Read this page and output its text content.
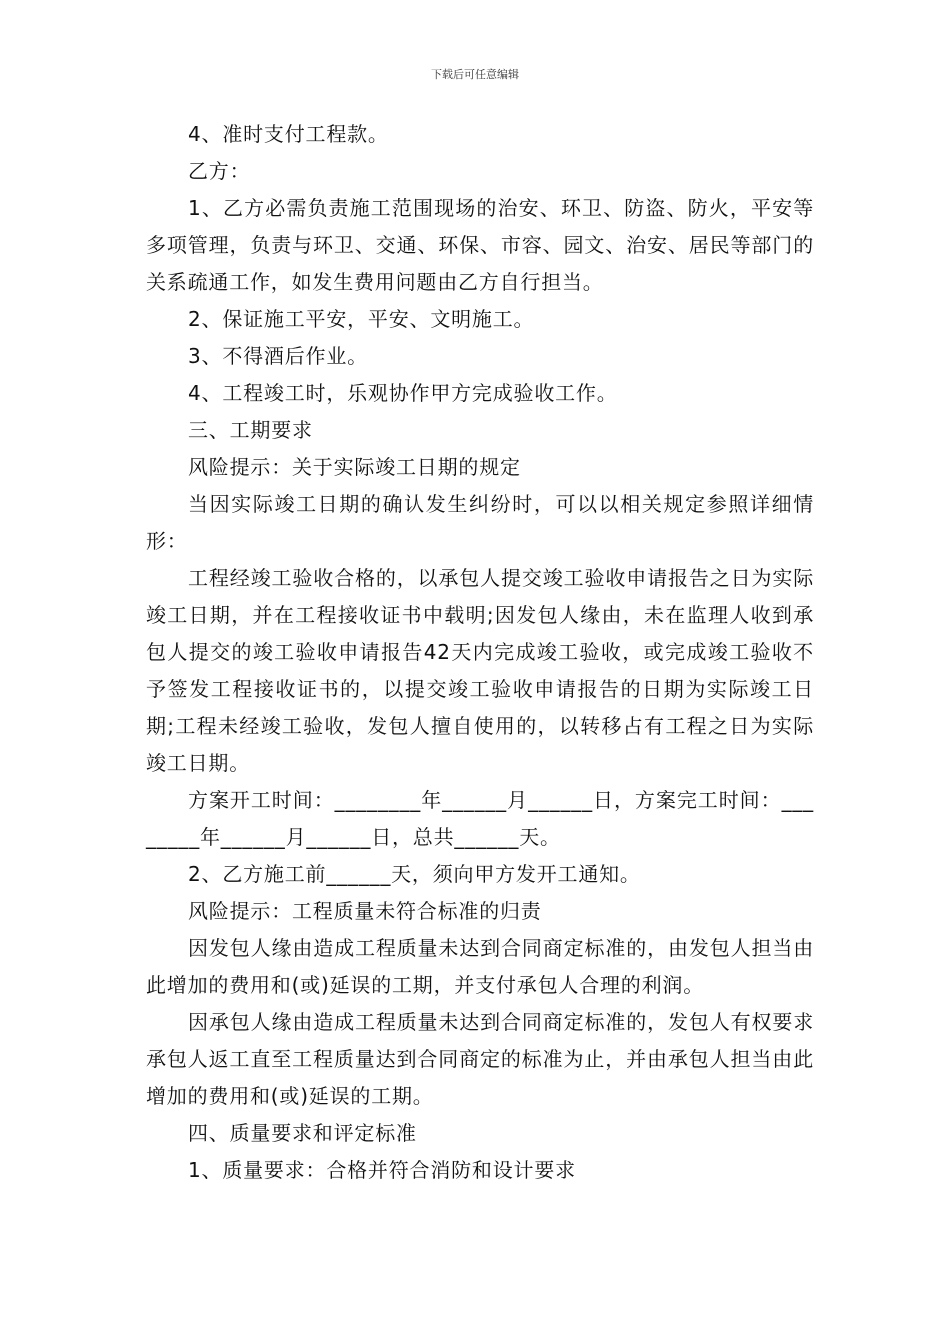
下载后可任意编辑

4、准时支付工程款。

乙方：

1、乙方必需负责施工范围现场的治安、环卫、防盗、防火，平安等多项管理，负责与环卫、交通、环保、市容、园文、治安、居民等部门的关系疏通工作，如发生费用问题由乙方自行担当。

2、保证施工平安，平安、文明施工。

3、不得酒后作业。

4、工程竣工时，乐观协作甲方完成验收工作。

三、工期要求

风险提示：关于实际竣工日期的规定

当因实际竣工日期的确认发生纠纷时，可以以相关规定参照详细情形：

工程经竣工验收合格的，以承包人提交竣工验收申请报告之日为实际竣工日期，并在工程接收证书中载明;因发包人缘由，未在监理人收到承包人提交的竣工验收申请报告42天内完成竣工验收，或完成竣工验收不予签发工程接收证书的，以提交竣工验收申请报告的日期为实际竣工日期;工程未经竣工验收，发包人擅自使用的，以转移占有工程之日为实际竣工日期。

方案开工时间：________年______月______日，方案完工时间：________年______月______日，总共______天。

2、乙方施工前______天，须向甲方发开工通知。

风险提示：工程质量未符合标准的归责

因发包人缘由造成工程质量未达到合同商定标准的，由发包人担当由此增加的费用和(或)延误的工期，并支付承包人合理的利润。

因承包人缘由造成工程质量未达到合同商定标准的，发包人有权要求承包人返工直至工程质量达到合同商定的标准为止，并由承包人担当由此增加的费用和(或)延误的工期。

四、质量要求和评定标准

1、质量要求：合格并符合消防和设计要求
